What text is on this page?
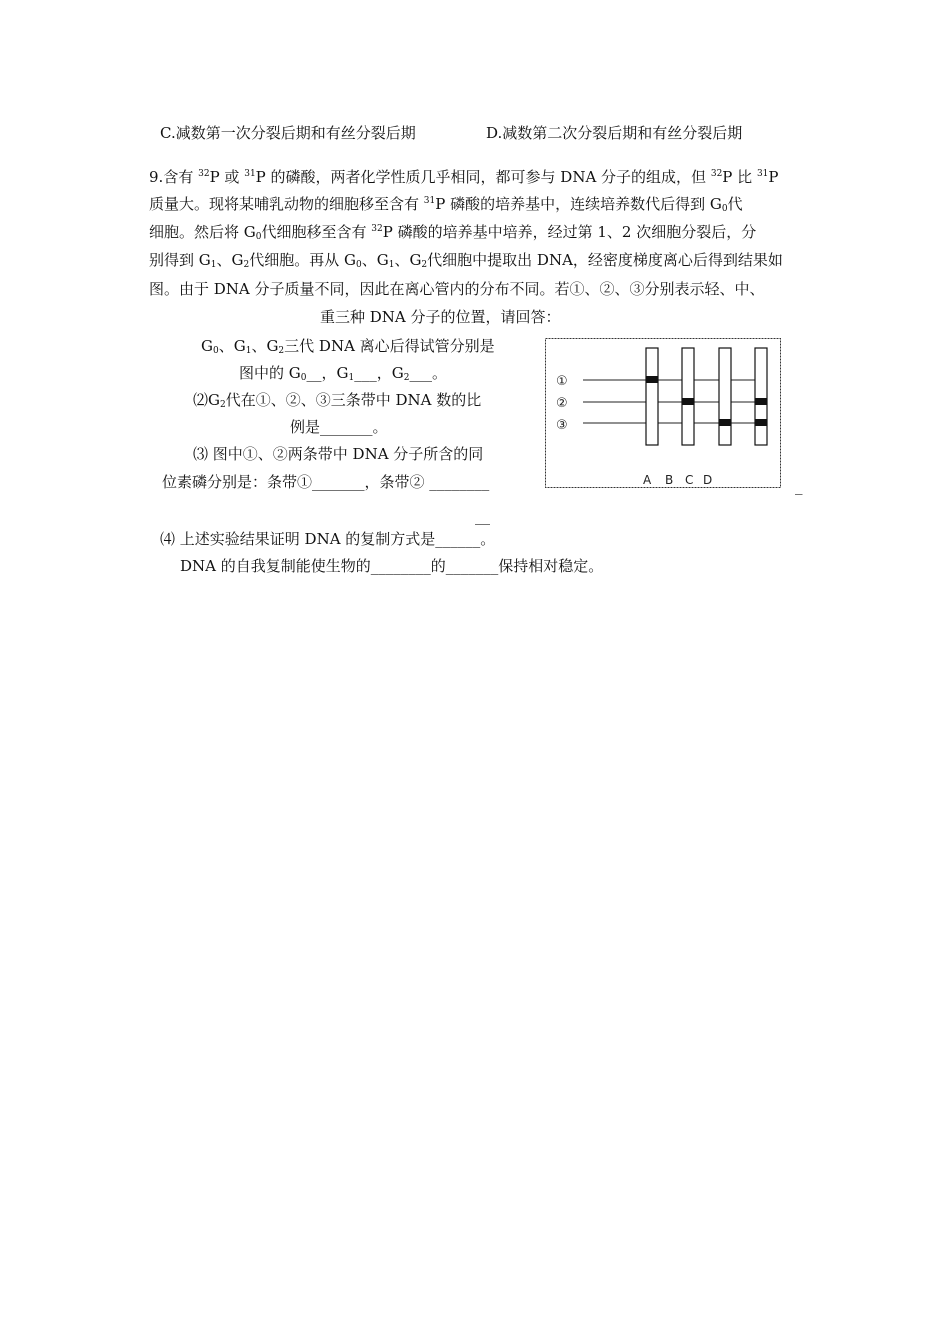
C.减数第一次分裂后期和有丝分裂后期	D.减数第二次分裂后期和有丝分裂后期
9.含有 $^{32}$P 或 $^{31}$P 的磷酸，两者化学性质几乎相同，都可参与 DNA 分子的组成，但 $^{32}$P 比 $^{31}$P
质量大。现将某哺乳动物的细胞移至含有 $^{31}$P 磷酸的培养基中，连续培养数代后得到 $G_0$代
细胞。然后将 $G_0$代细胞移至含有 $^{32}$P 磷酸的培养基中培养，经过第 1、2 次细胞分裂后，分
别得到 $G_1$、$G_2$代细胞。再从 $G_0$、$G_1$、$G_2$代细胞中提取出 DNA，经密度梯度离心后得到结果如
图。由于 DNA 分子质量不同，因此在离心管内的分布不同。若①、②、③分别表示轻、中、
重三种 DNA 分子的位置，请回答：
$G_0$、$G_1$、$G_2$三代 DNA 离心后得试管分别是
图中的 $G_0\_\_$，$G_1\_\_\_$，$G_2\_\_\_$。
$⑵G_2$代在①、②、③三条带中 DNA 数的比
例是_______。
⑶ 图中①、②两条带中 DNA 分子所含的同
位素磷分别是：条带①_______，条带② ________	_
__
⑷ 上述实验结果证明 DNA 的复制方式是______。
DNA 的自我复制能使生物的________的_______保持相对稳定。
①
②
③
A B C D
